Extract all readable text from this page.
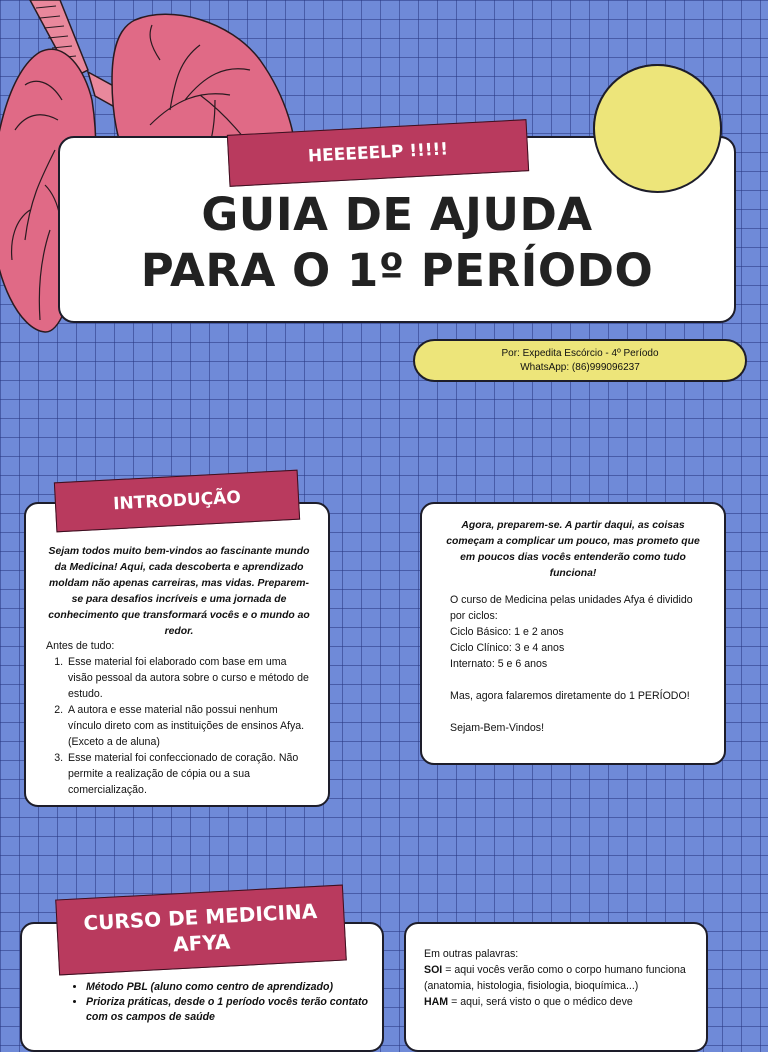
GUIA DE AJUDA
PARA O 1º PERÍODO
HEEEEELP !!!!!
Por: Expedita Escórcio - 4º Período
WhatsApp: (86)999096237
Sejam todos muito bem-vindos ao fascinante mundo da Medicina! Aqui, cada descoberta e aprendizado moldam não apenas carreiras, mas vidas. Preparem-se para desafios incríveis e uma jornada de conhecimento que transformará vocês e o mundo ao redor.

Antes de tudo:

1. Esse material foi elaborado com base em uma visão pessoal da autora sobre o curso e método de estudo.
2. A autora e esse material não possui nenhum vínculo direto com as instituições de ensinos Afya. (Exceto a de aluna)
3. Esse material foi confeccionado de coração. Não permite a realização de cópia ou a sua comercialização.
INTRODUÇÃO
Agora, preparem-se. A partir daqui, as coisas começam a complicar um pouco, mas prometo que em poucos dias vocês entenderão como tudo funciona!

O curso de Medicina pelas unidades Afya é dividido por ciclos:

Ciclo Básico: 1 e 2 anos

Ciclo Clínico: 3 e 4 anos

Internato: 5 e 6 anos

Mas, agora falaremos diretamente do 1 PERÍODO!

Sejam-Bem-Vindos!

• Método PBL (aluno como centro de aprendizado)
• Prioriza práticas, desde o 1 período vocês terão contato com os campos de saúde
CURSO DE MEDICINA
AFYA	Em outras palavras:

SOI = aqui vocês verão como o corpo humano funciona (anatomia, histologia, fisiologia, bioquímica...)

HAM = aqui, será visto o que o médico deve
